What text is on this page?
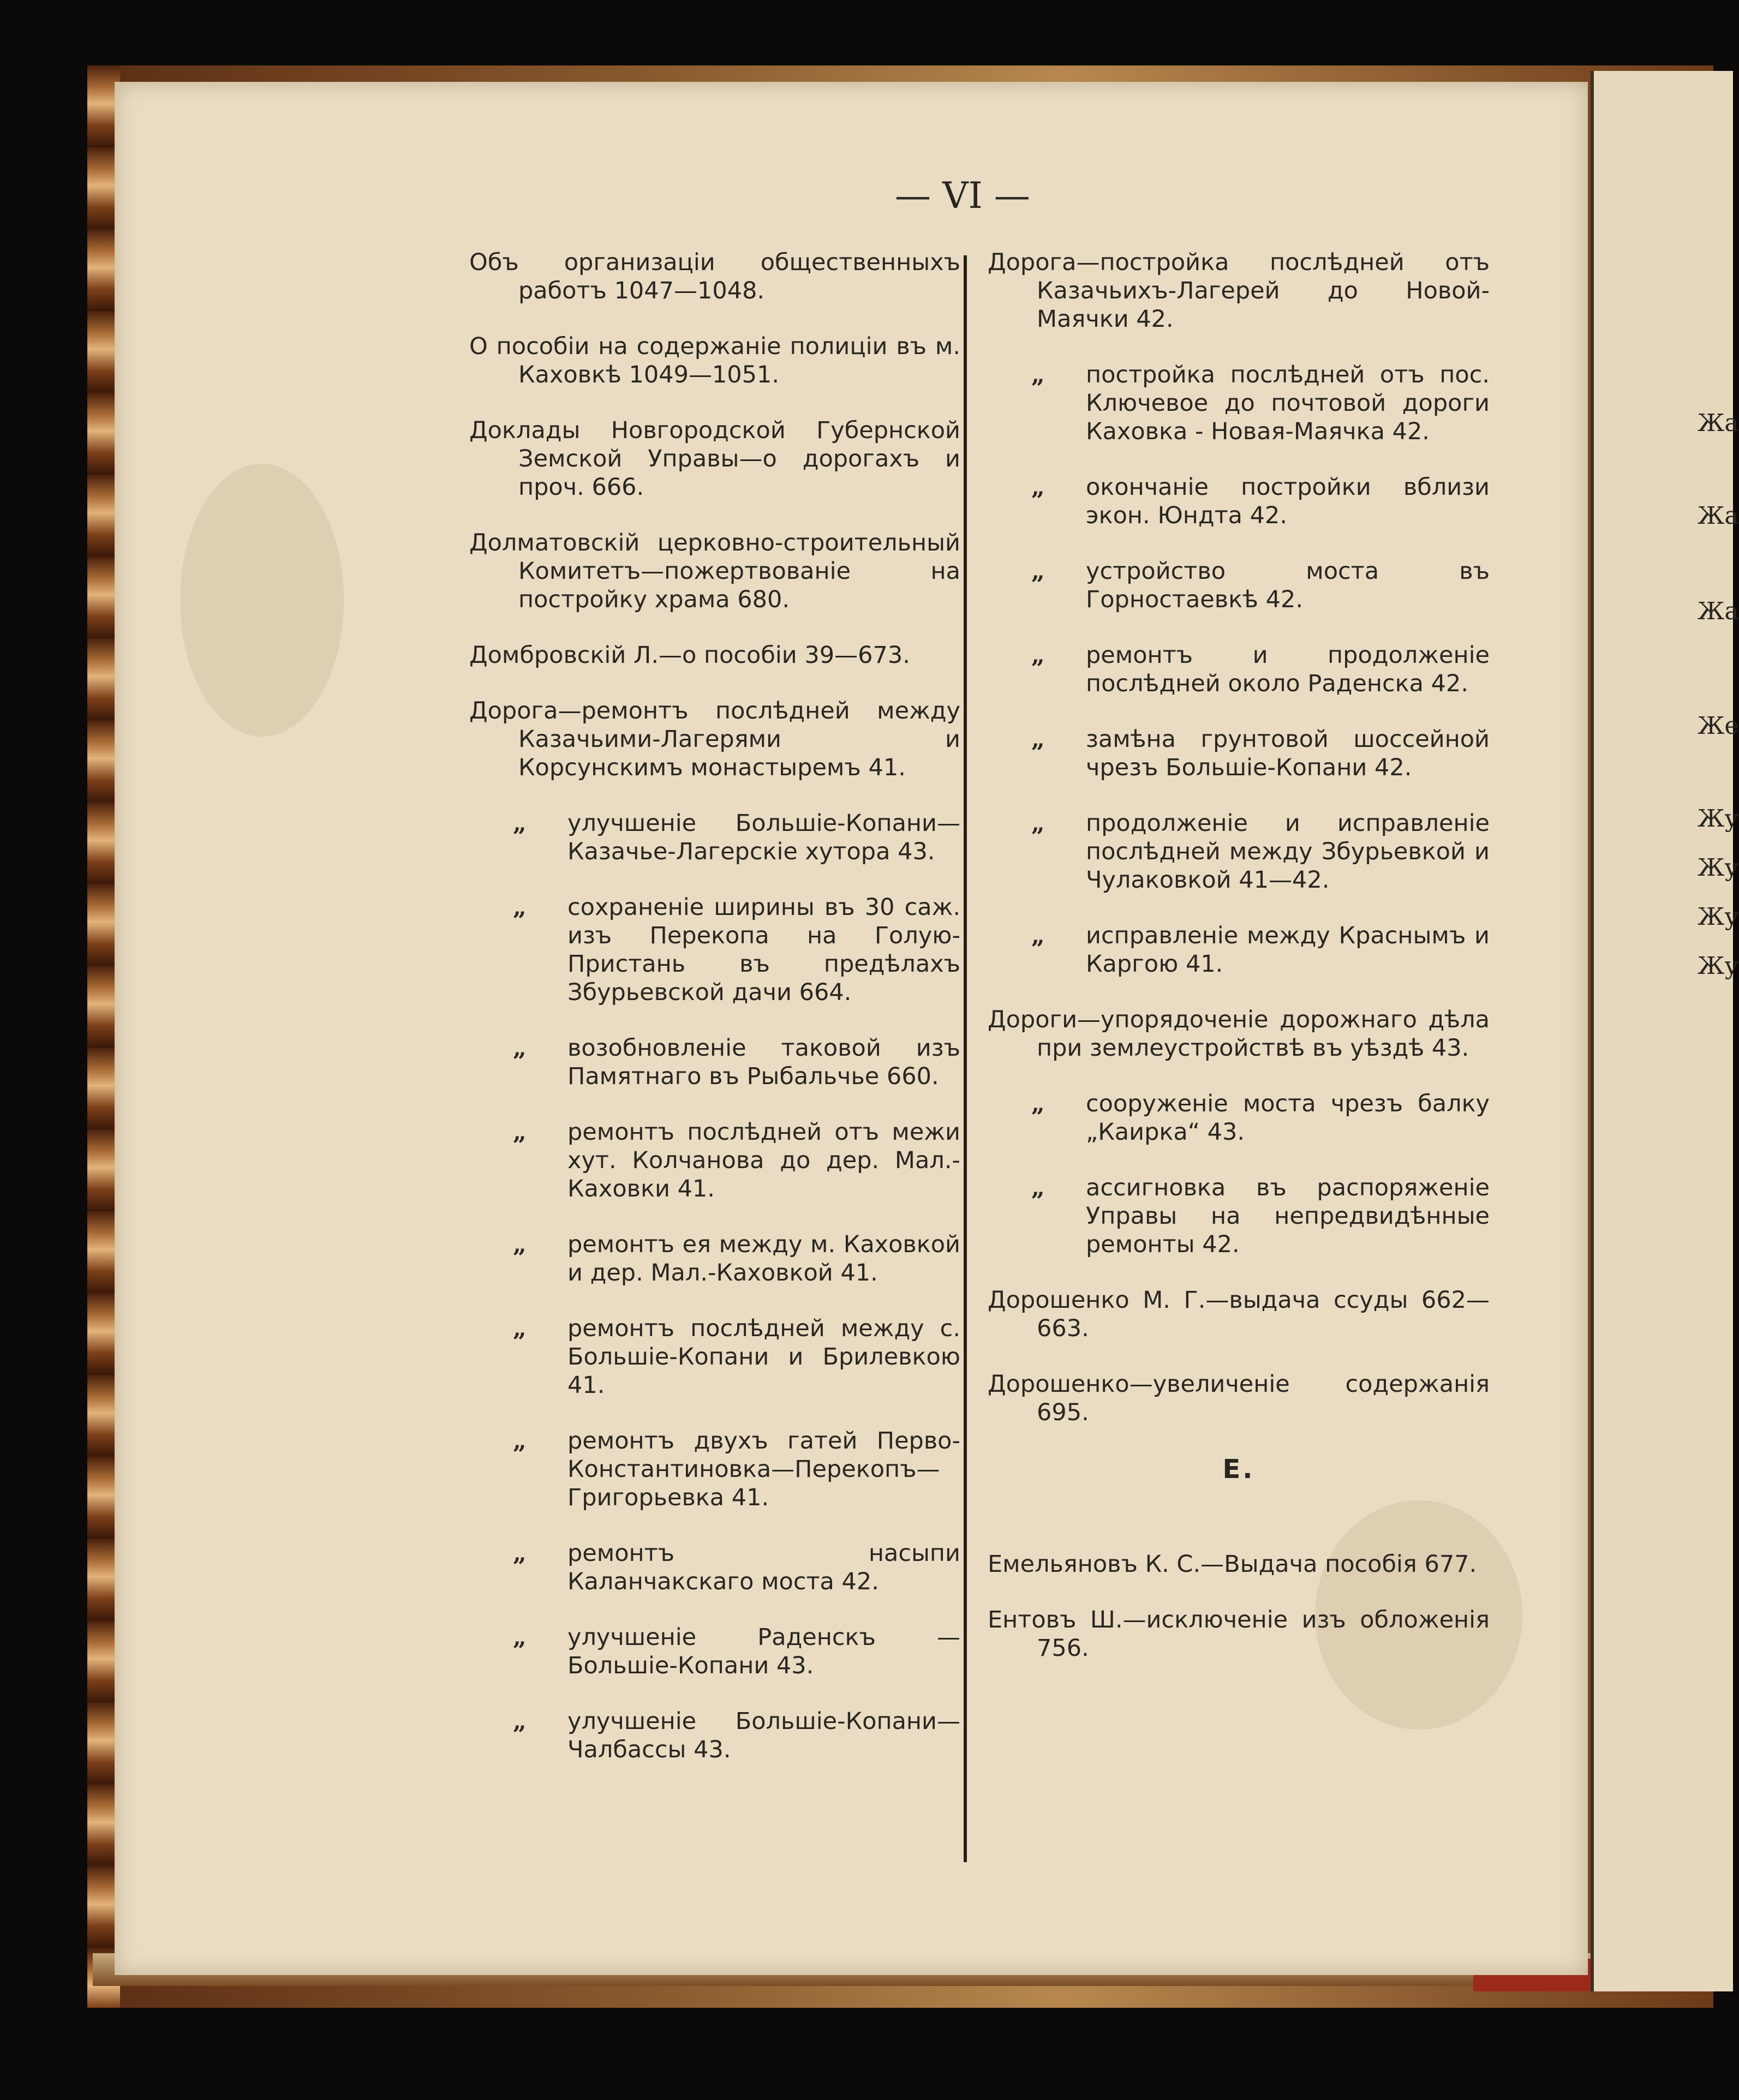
Жа
Жа
Жа
Же
Жу
Жу
Жу
Жу
— VI —
Объ организаціи общественныхъ работъ 1047—1048.
О пособіи на содержаніе полиціи въ м. Каховкѣ 1049—1051.
Доклады Новгородской Губернской Земской Управы—о дорогахъ и проч. 666.
Долматовскій церковно-строительный Комитетъ—пожертвованіе на постройку храма 680.
Домбровскій Л.—о пособіи 39—673.
Дорога—ремонтъ послѣдней между Казачьими-Лагерями и Корсунскимъ монастыремъ 41.
„ улучшеніе Большіе-Копани—Казачье-Лагерскіе хутора 43.
„ сохраненіе ширины въ 30 саж. изъ Перекопа на Голую-Пристань въ предѣлахъ Збурьевской дачи 664.
„ возобновленіе таковой изъ Памятнаго въ Рыбальчье 660.
„ ремонтъ послѣдней отъ межи хут. Колчанова до дер. Мал.-Каховки 41.
„ ремонтъ ея между м. Каховкой и дер. Мал.-Каховкой 41.
„ ремонтъ послѣдней между с. Большіе-Копани и Брилевкою 41.
„ ремонтъ двухъ гатей Перво-Константиновка—Перекопъ—Григорьевка 41.
„ ремонтъ насыпи Каланчакскаго моста 42.
„ улучшеніе Раденскъ — Большіе-Копани 43.
„ улучшеніе Большіе-Копани—Чалбассы 43.
Дорога—постройка послѣдней отъ Казачьихъ-Лагерей до Новой-Маячки 42.
„ постройка послѣдней отъ пос. Ключевое до почтовой дороги Каховка - Новая-Маячка 42.
„ окончаніе постройки вблизи экон. Юндта 42.
„ устройство моста въ Горностаевкѣ 42.
„ ремонтъ и продолженіе послѣдней около Раденска 42.
„ замѣна грунтовой шоссейной чрезъ Большіе-Копани 42.
„ продолженіе и исправленіе послѣдней между Збурьевкой и Чулаковкой 41—42.
„ исправленіе между Краснымъ и Каргою 41.
Дороги—упорядоченіе дорожнаго дѣла при землеустройствѣ въ уѣздѣ 43.
„ сооруженіе моста чрезъ балку „Каирка“ 43.
„ ассигновка въ распоряженіе Управы на непредвидѣнные ремонты 42.
Дорошенко М. Г.—выдача ссуды 662—663.
Дорошенко—увеличеніе содержанія 695.
Е.
Емельяновъ К. С.—Выдача пособія 677.
Ентовъ Ш.—исключеніе изъ обложенія 756.
